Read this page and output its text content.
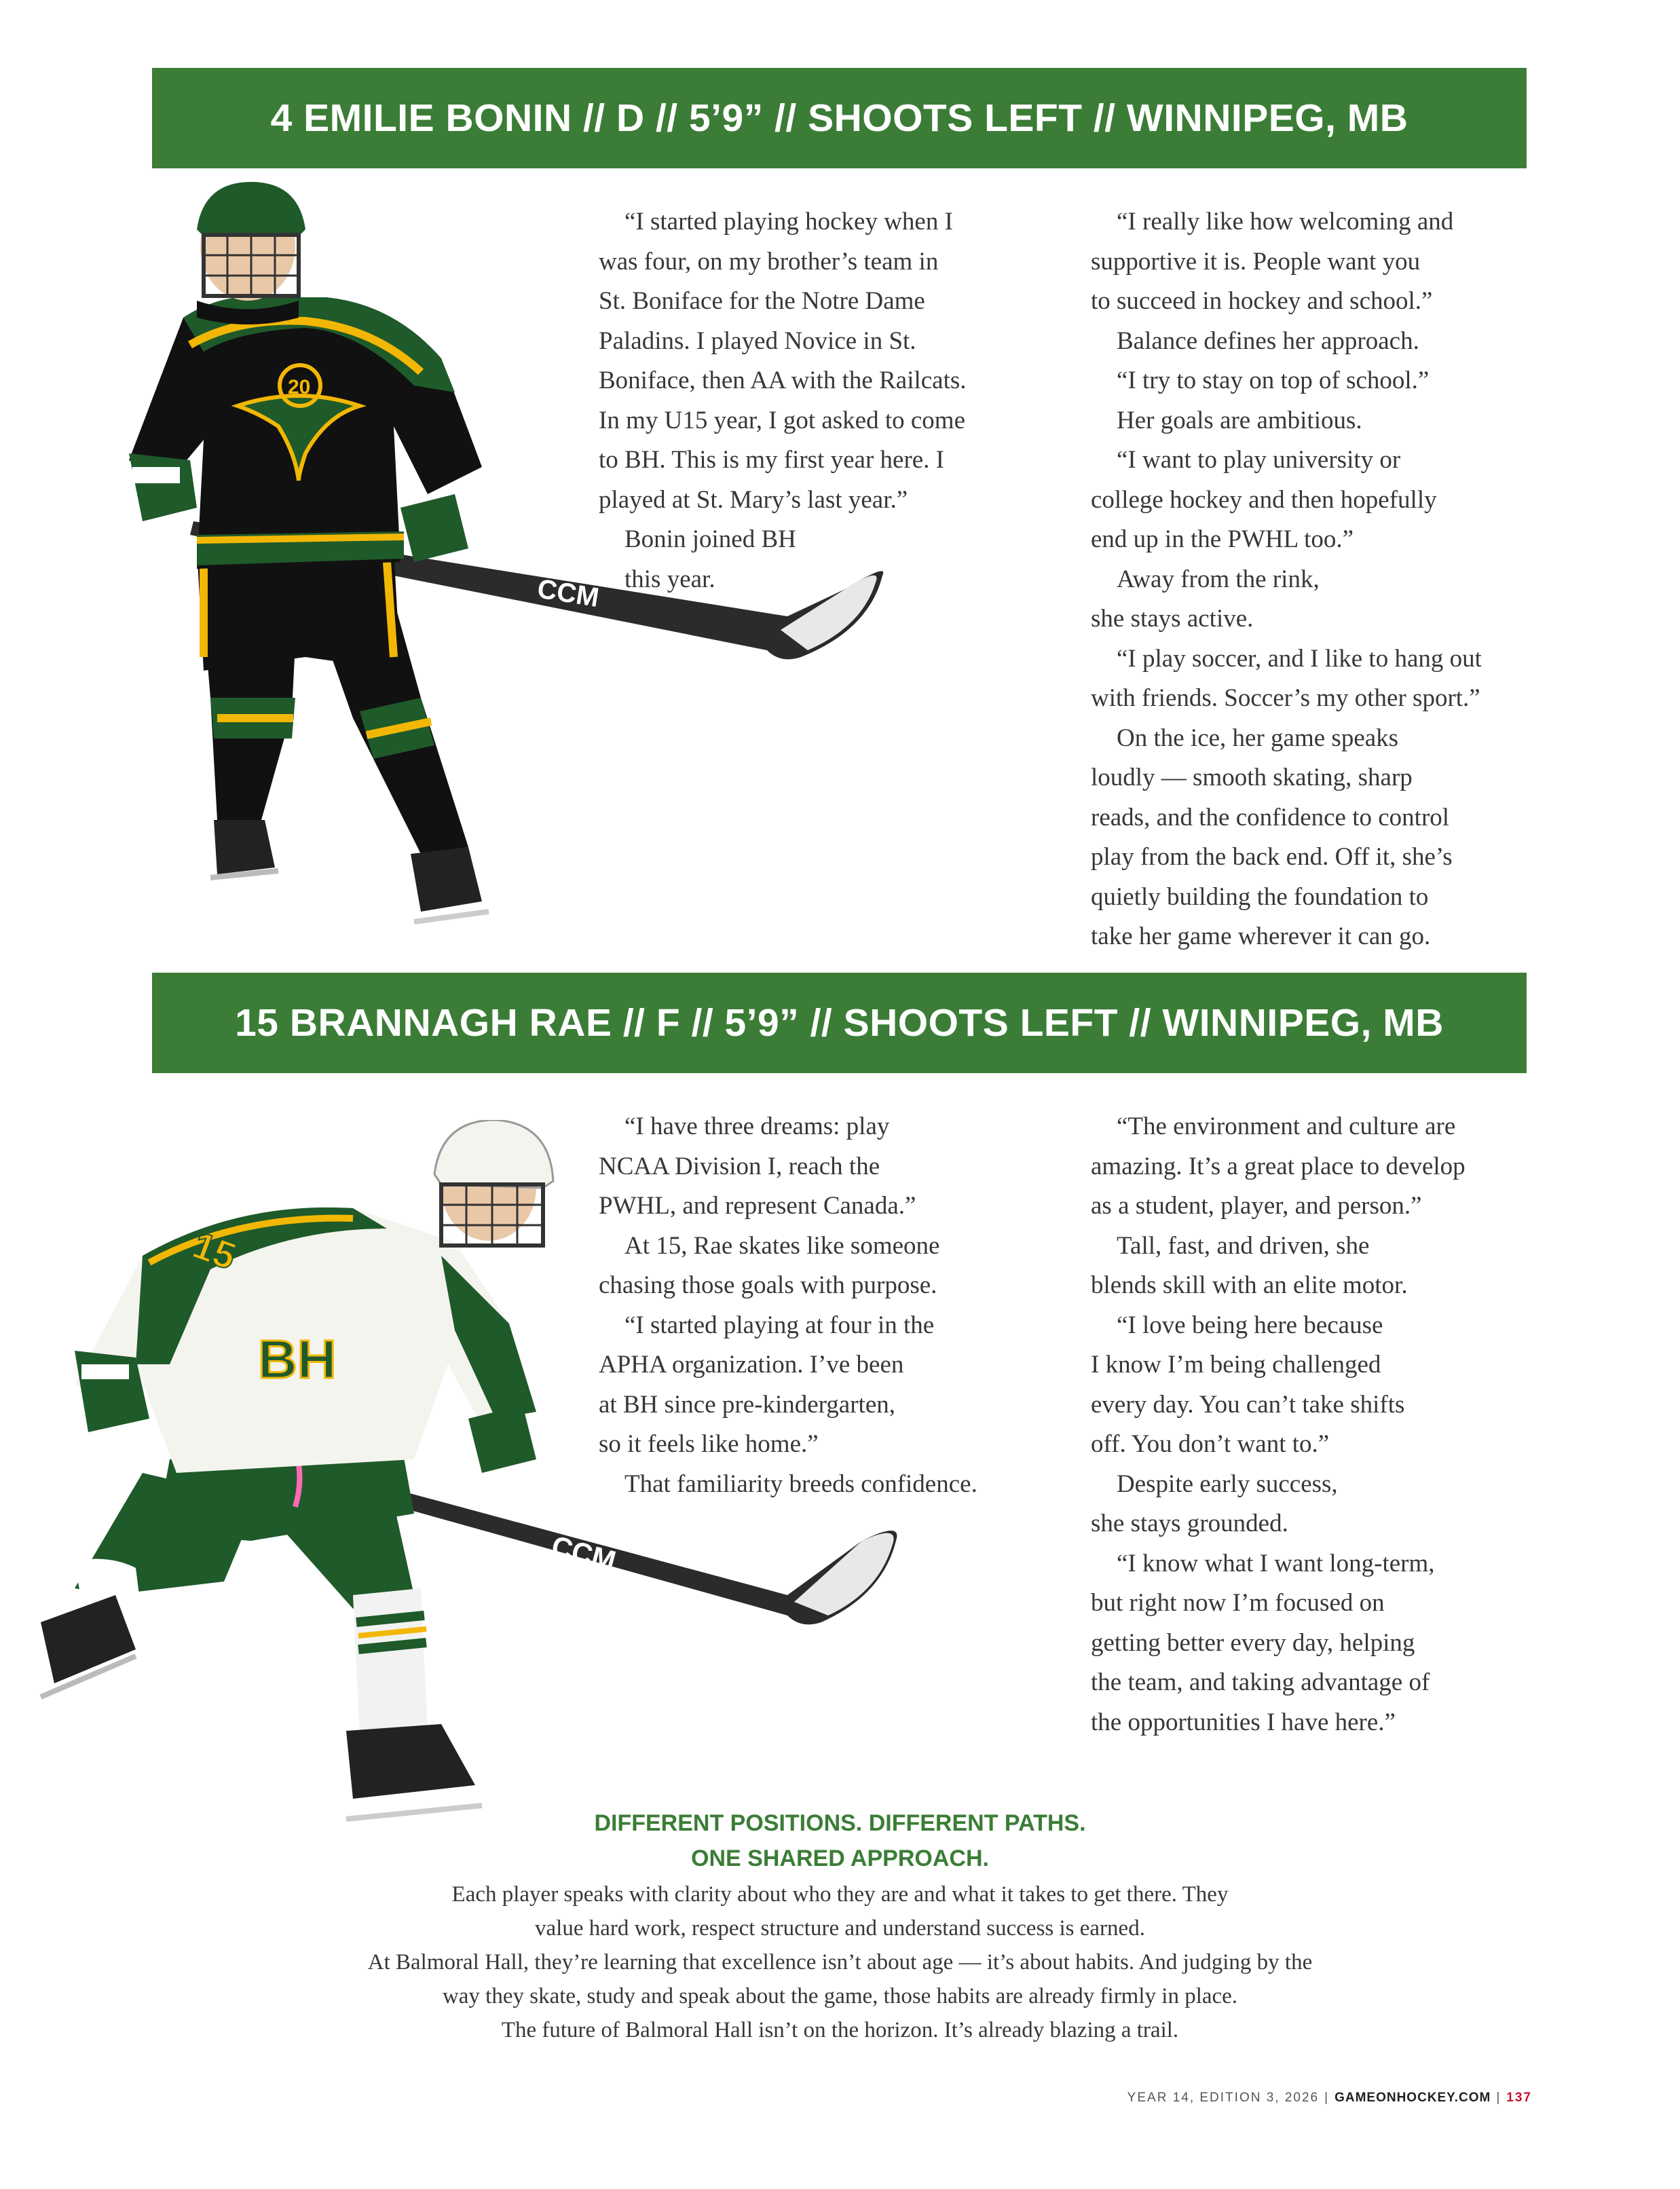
4 EMILIE BONIN // D // 5’9” // SHOOTS LEFT // WINNIPEG, MB
CCM
20

“I started playing hockey when I

was four, on my brother’s team in

St. Boniface for the Notre Dame

Paladins. I played Novice in St.

Boniface, then AA with the Railcats.

In my U15 year, I got asked to come

to BH. This is my first year here. I

played at St. Mary’s last year.”

Bonin joined BH

this year.

“I really like how welcoming and

supportive it is. People want you

to succeed in hockey and school.”

Balance defines her approach.

“I try to stay on top of school.”

Her goals are ambitious.

“I want to play university or

college hockey and then hopefully

end up in the PWHL too.”

Away from the rink,

she stays active.

“I play soccer, and I like to hang out

with friends. Soccer’s my other sport.”

On the ice, her game speaks

loudly — smooth skating, sharp

reads, and the confidence to control

play from the back end. Off it, she’s

quietly building the foundation to

take her game wherever it can go.

15 BRANNAGH RAE // F // 5’9” // SHOOTS LEFT // WINNIPEG, MB
CCM
BH
15

“I have three dreams: play

NCAA Division I, reach the

PWHL, and represent Canada.”

At 15, Rae skates like someone

chasing those goals with purpose.

“I started playing at four in the

APHA organization. I’ve been

at BH since pre-kindergarten,

so it feels like home.”

That familiarity breeds confidence.

“The environment and culture are

amazing. It’s a great place to develop

as a student, player, and person.”

Tall, fast, and driven, she

blends skill with an elite motor.

“I love being here because

I know I’m being challenged

every day. You can’t take shifts

off. You don’t want to.”

Despite early success,

she stays grounded.

“I know what I want long-term,

but right now I’m focused on

getting better every day, helping

the team, and taking advantage of

the opportunities I have here.”

DIFFERENT POSITIONS. DIFFERENT PATHS.

ONE SHARED APPROACH.

Each player speaks with clarity about who they are and what it takes to get there. They

value hard work, respect structure and understand success is earned.

At Balmoral Hall, they’re learning that excellence isn’t about age — it’s about habits. And judging by the

way they skate, study and speak about the game, those habits are already firmly in place.

The future of Balmoral Hall isn’t on the horizon. It’s already blazing a trail.

YEAR 14, EDITION 3, 2026 | GAMEONHOCKEY.COM | 137
